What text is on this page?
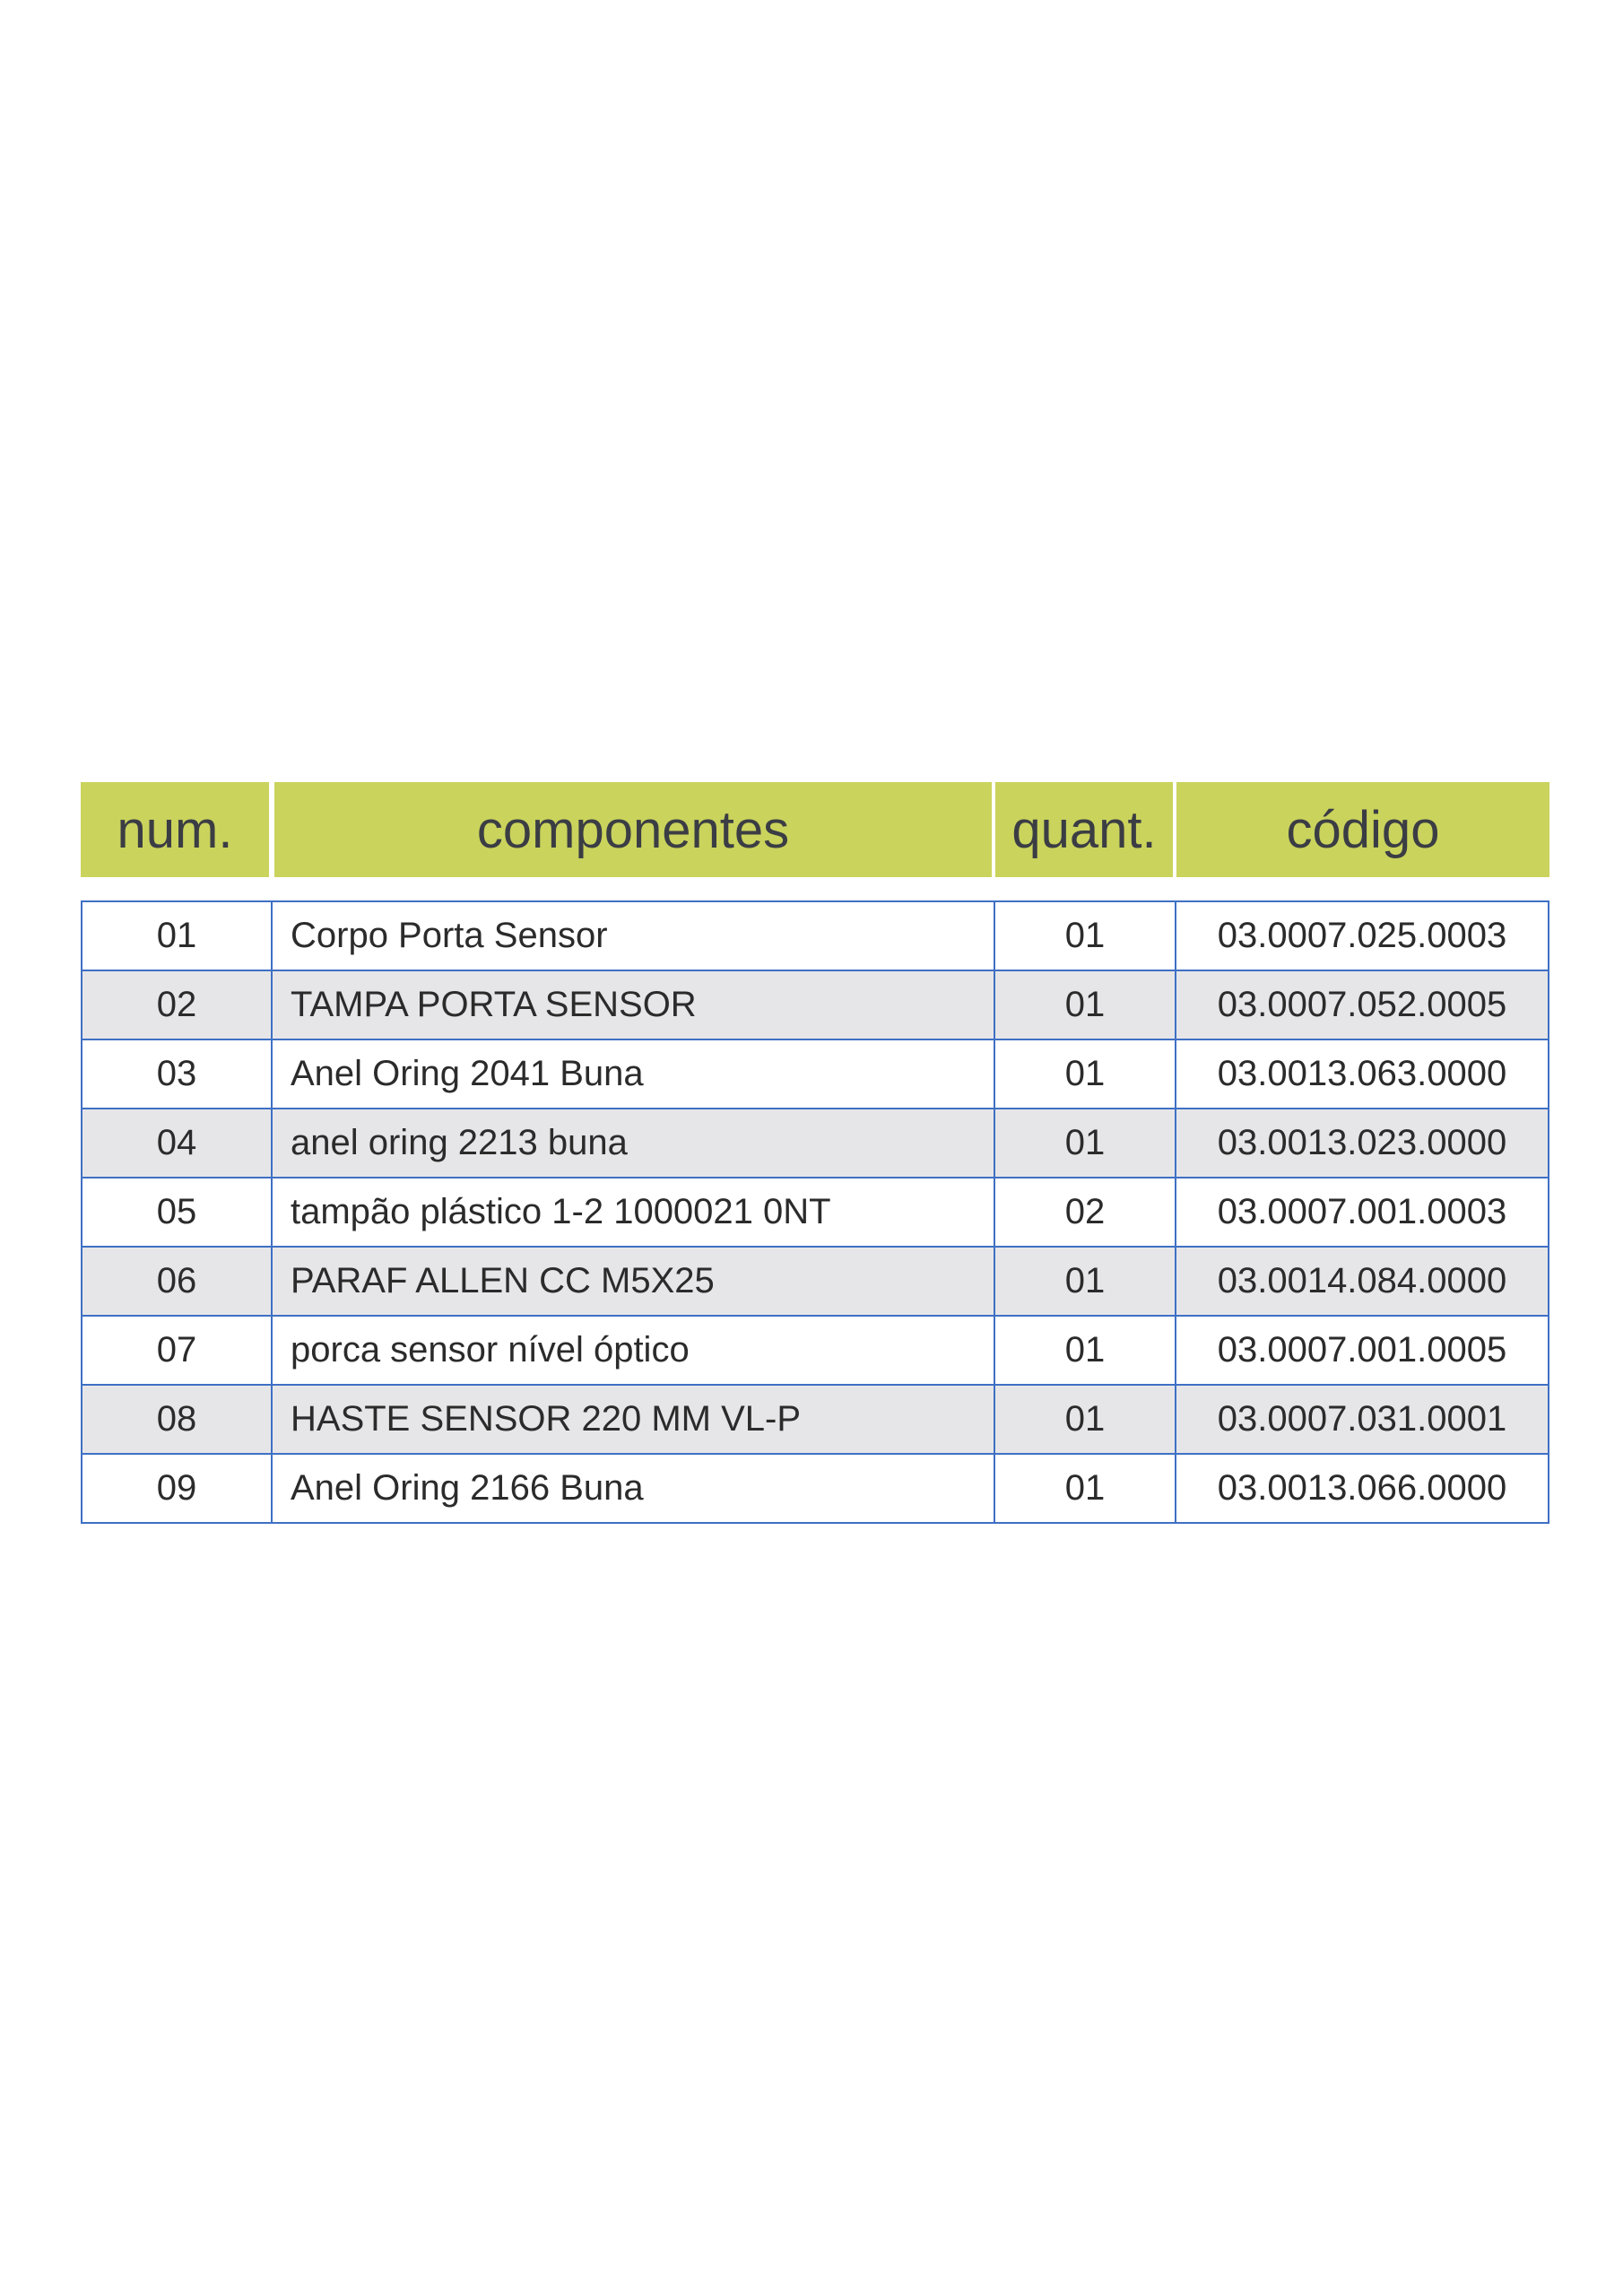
num.	componentes	quant.	código
01	Corpo Porta Sensor	01	03.0007.025.0003
02	TAMPA PORTA SENSOR	01	03.0007.052.0005
03	Anel Oring 2041 Buna	01	03.0013.063.0000
04	anel oring 2213 buna	01	03.0013.023.0000
05	tampão plástico 1-2 1000021 0NT	02	03.0007.001.0003
06	PARAF ALLEN CC M5X25	01	03.0014.084.0000
07	porca sensor nível óptico	01	03.0007.001.0005
08	HASTE SENSOR 220 MM VL-P	01	03.0007.031.0001
09	Anel Oring 2166 Buna	01	03.0013.066.0000
